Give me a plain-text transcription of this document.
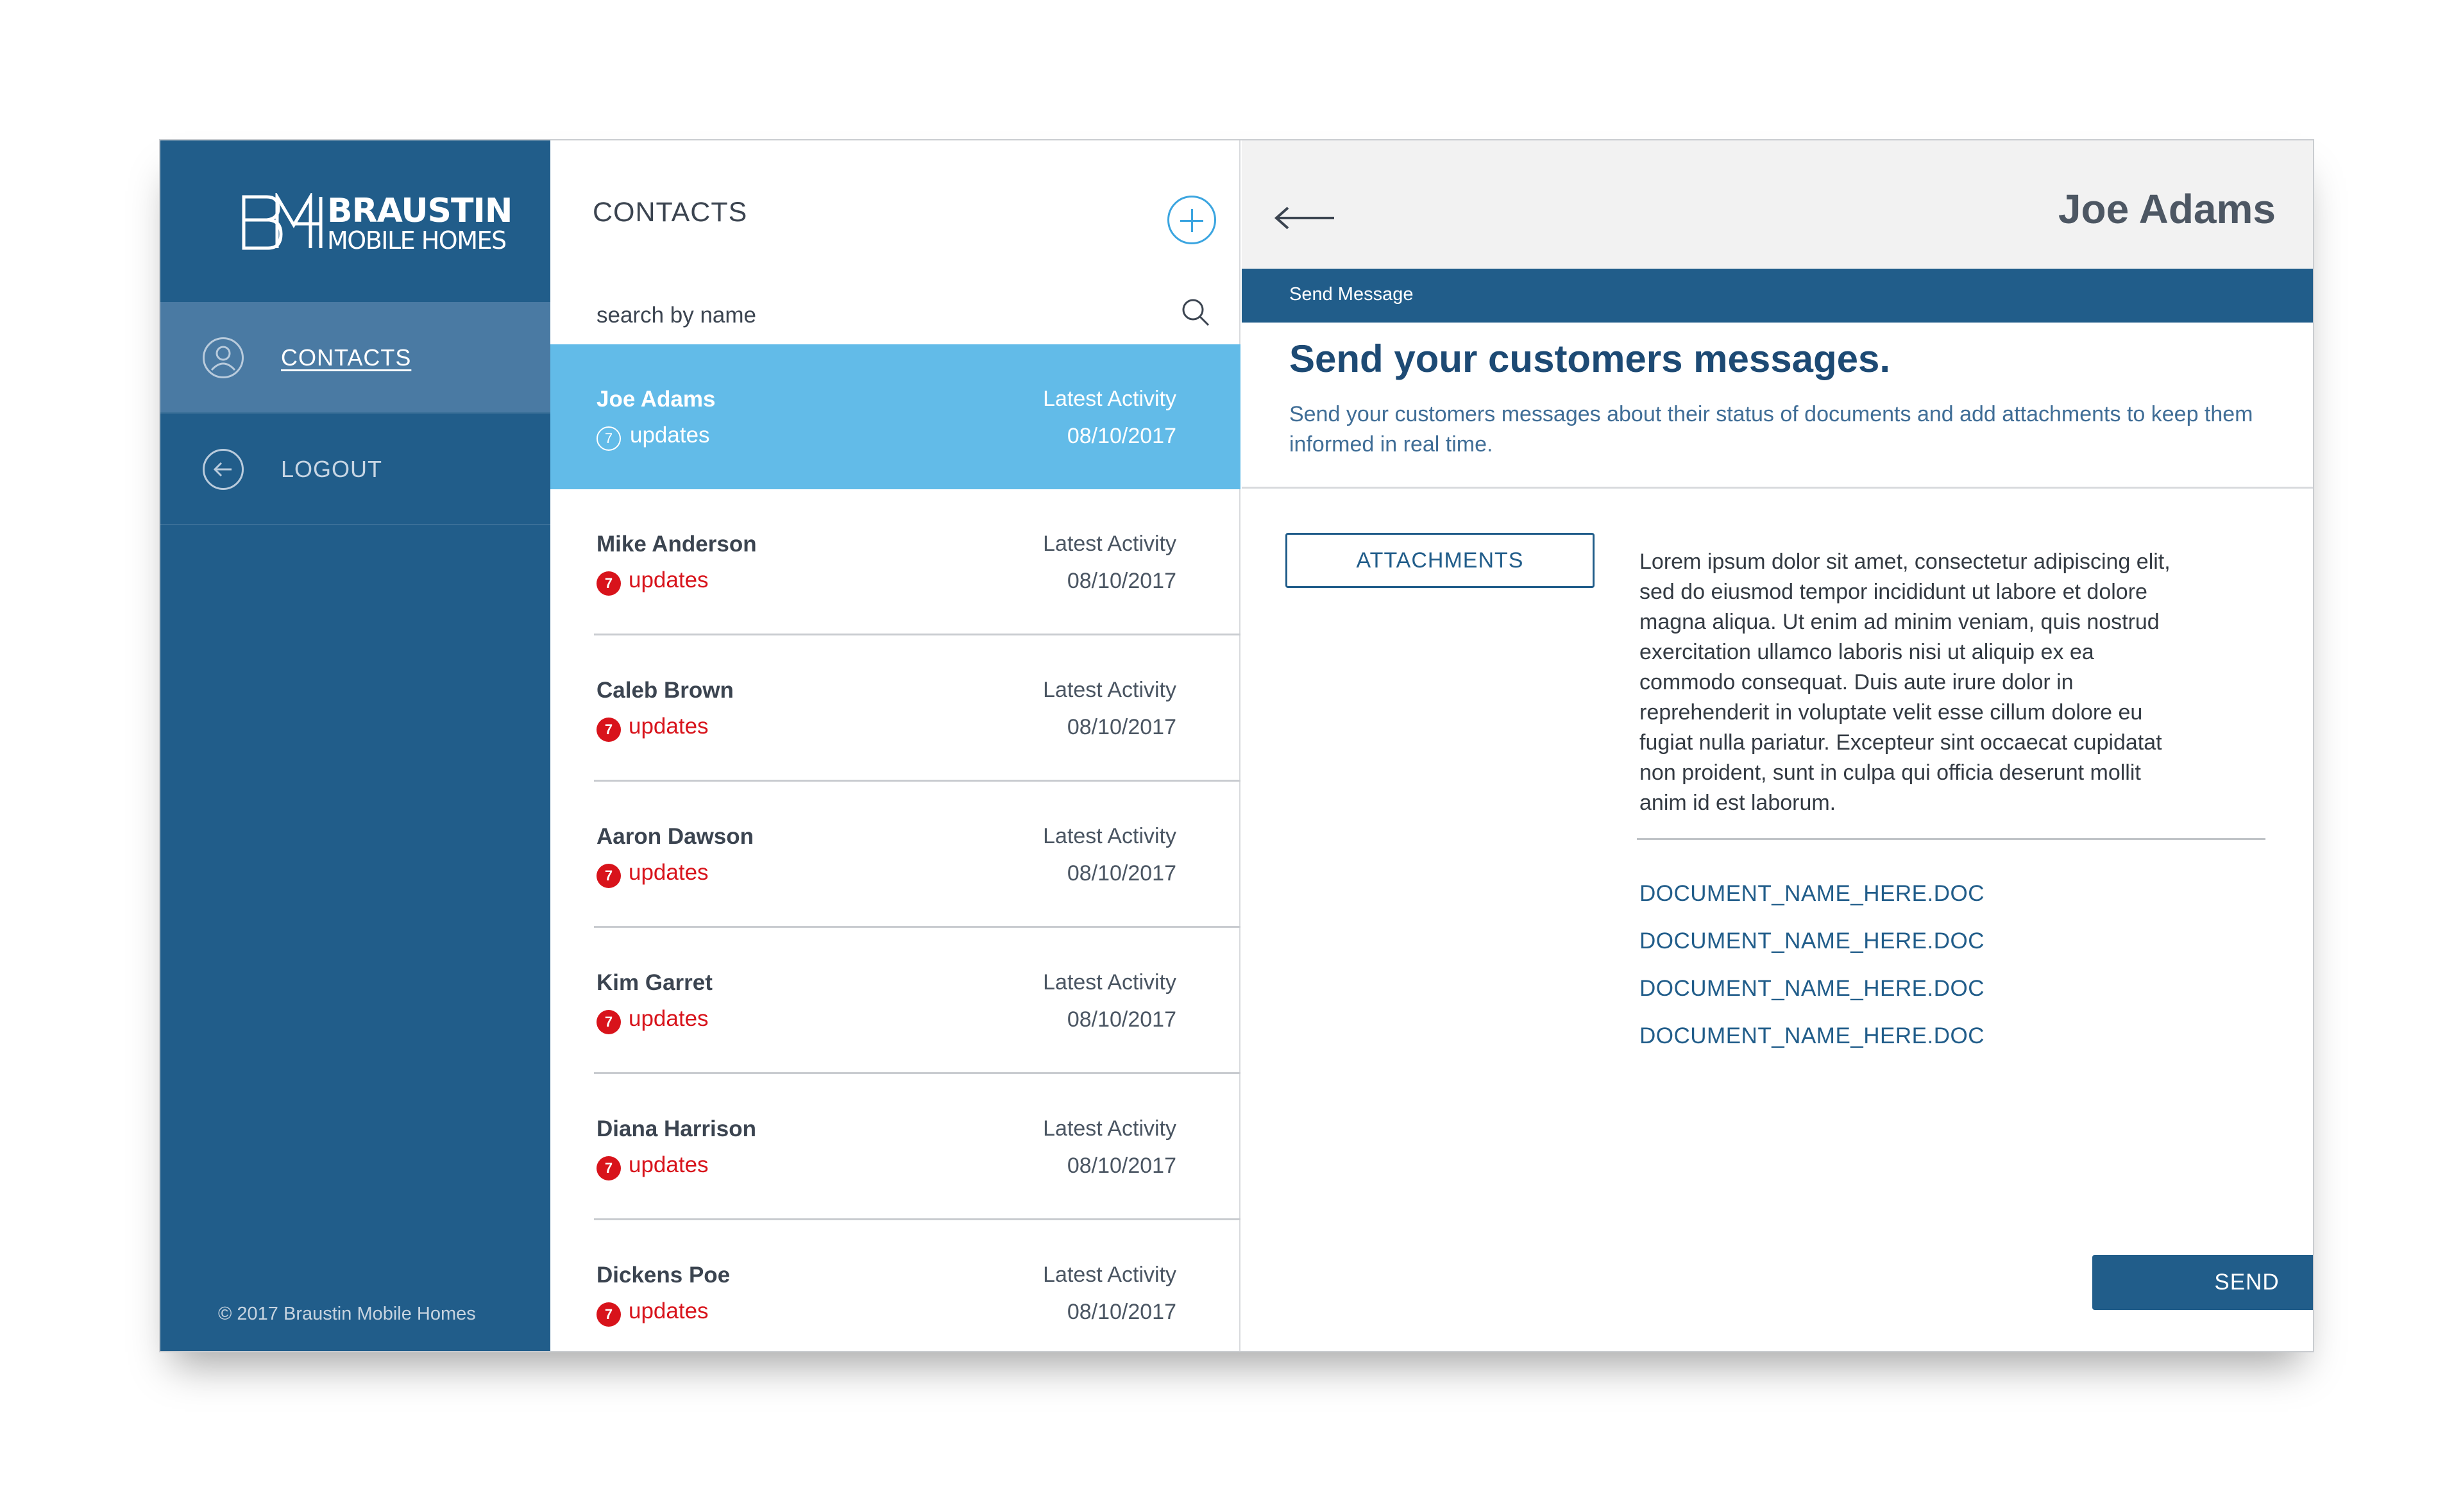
BRAUSTIN
MOBILE HOMES
CONTACTS
LOGOUT
© 2017 Braustin Mobile Homes
CONTACTS
search by name
Joe Adams
7 updates
Latest Activity
08/10/2017
Mike Anderson
7 updates
Latest Activity
08/10/2017
Caleb Brown
7 updates
Latest Activity
08/10/2017
Aaron Dawson
7 updates
Latest Activity
08/10/2017
Kim Garret
7 updates
Latest Activity
08/10/2017
Diana Harrison
7 updates
Latest Activity
08/10/2017
Dickens Poe
7 updates
Latest Activity
08/10/2017
Joe Adams
Send Message
Send your customers messages.
Send your customers messages about their status of documents and add attachments to keep them informed in real time.
ATTACHMENTS	Lorem ipsum dolor sit amet, consectetur adipiscing elit, sed do eiusmod tempor incididunt ut labore et dolore magna aliqua. Ut enim ad minim veniam, quis nostrud exercitation ullamco laboris nisi ut aliquip ex ea commodo consequat. Duis aute irure dolor in reprehenderit in voluptate velit esse cillum dolore eu fugiat nulla pariatur. Excepteur sint occaecat cupidatat non proident, sunt in culpa qui officia deserunt mollit anim id est laborum.
DOCUMENT_NAME_HERE.DOC
DOCUMENT_NAME_HERE.DOC
DOCUMENT_NAME_HERE.DOC
DOCUMENT_NAME_HERE.DOC
SEND
